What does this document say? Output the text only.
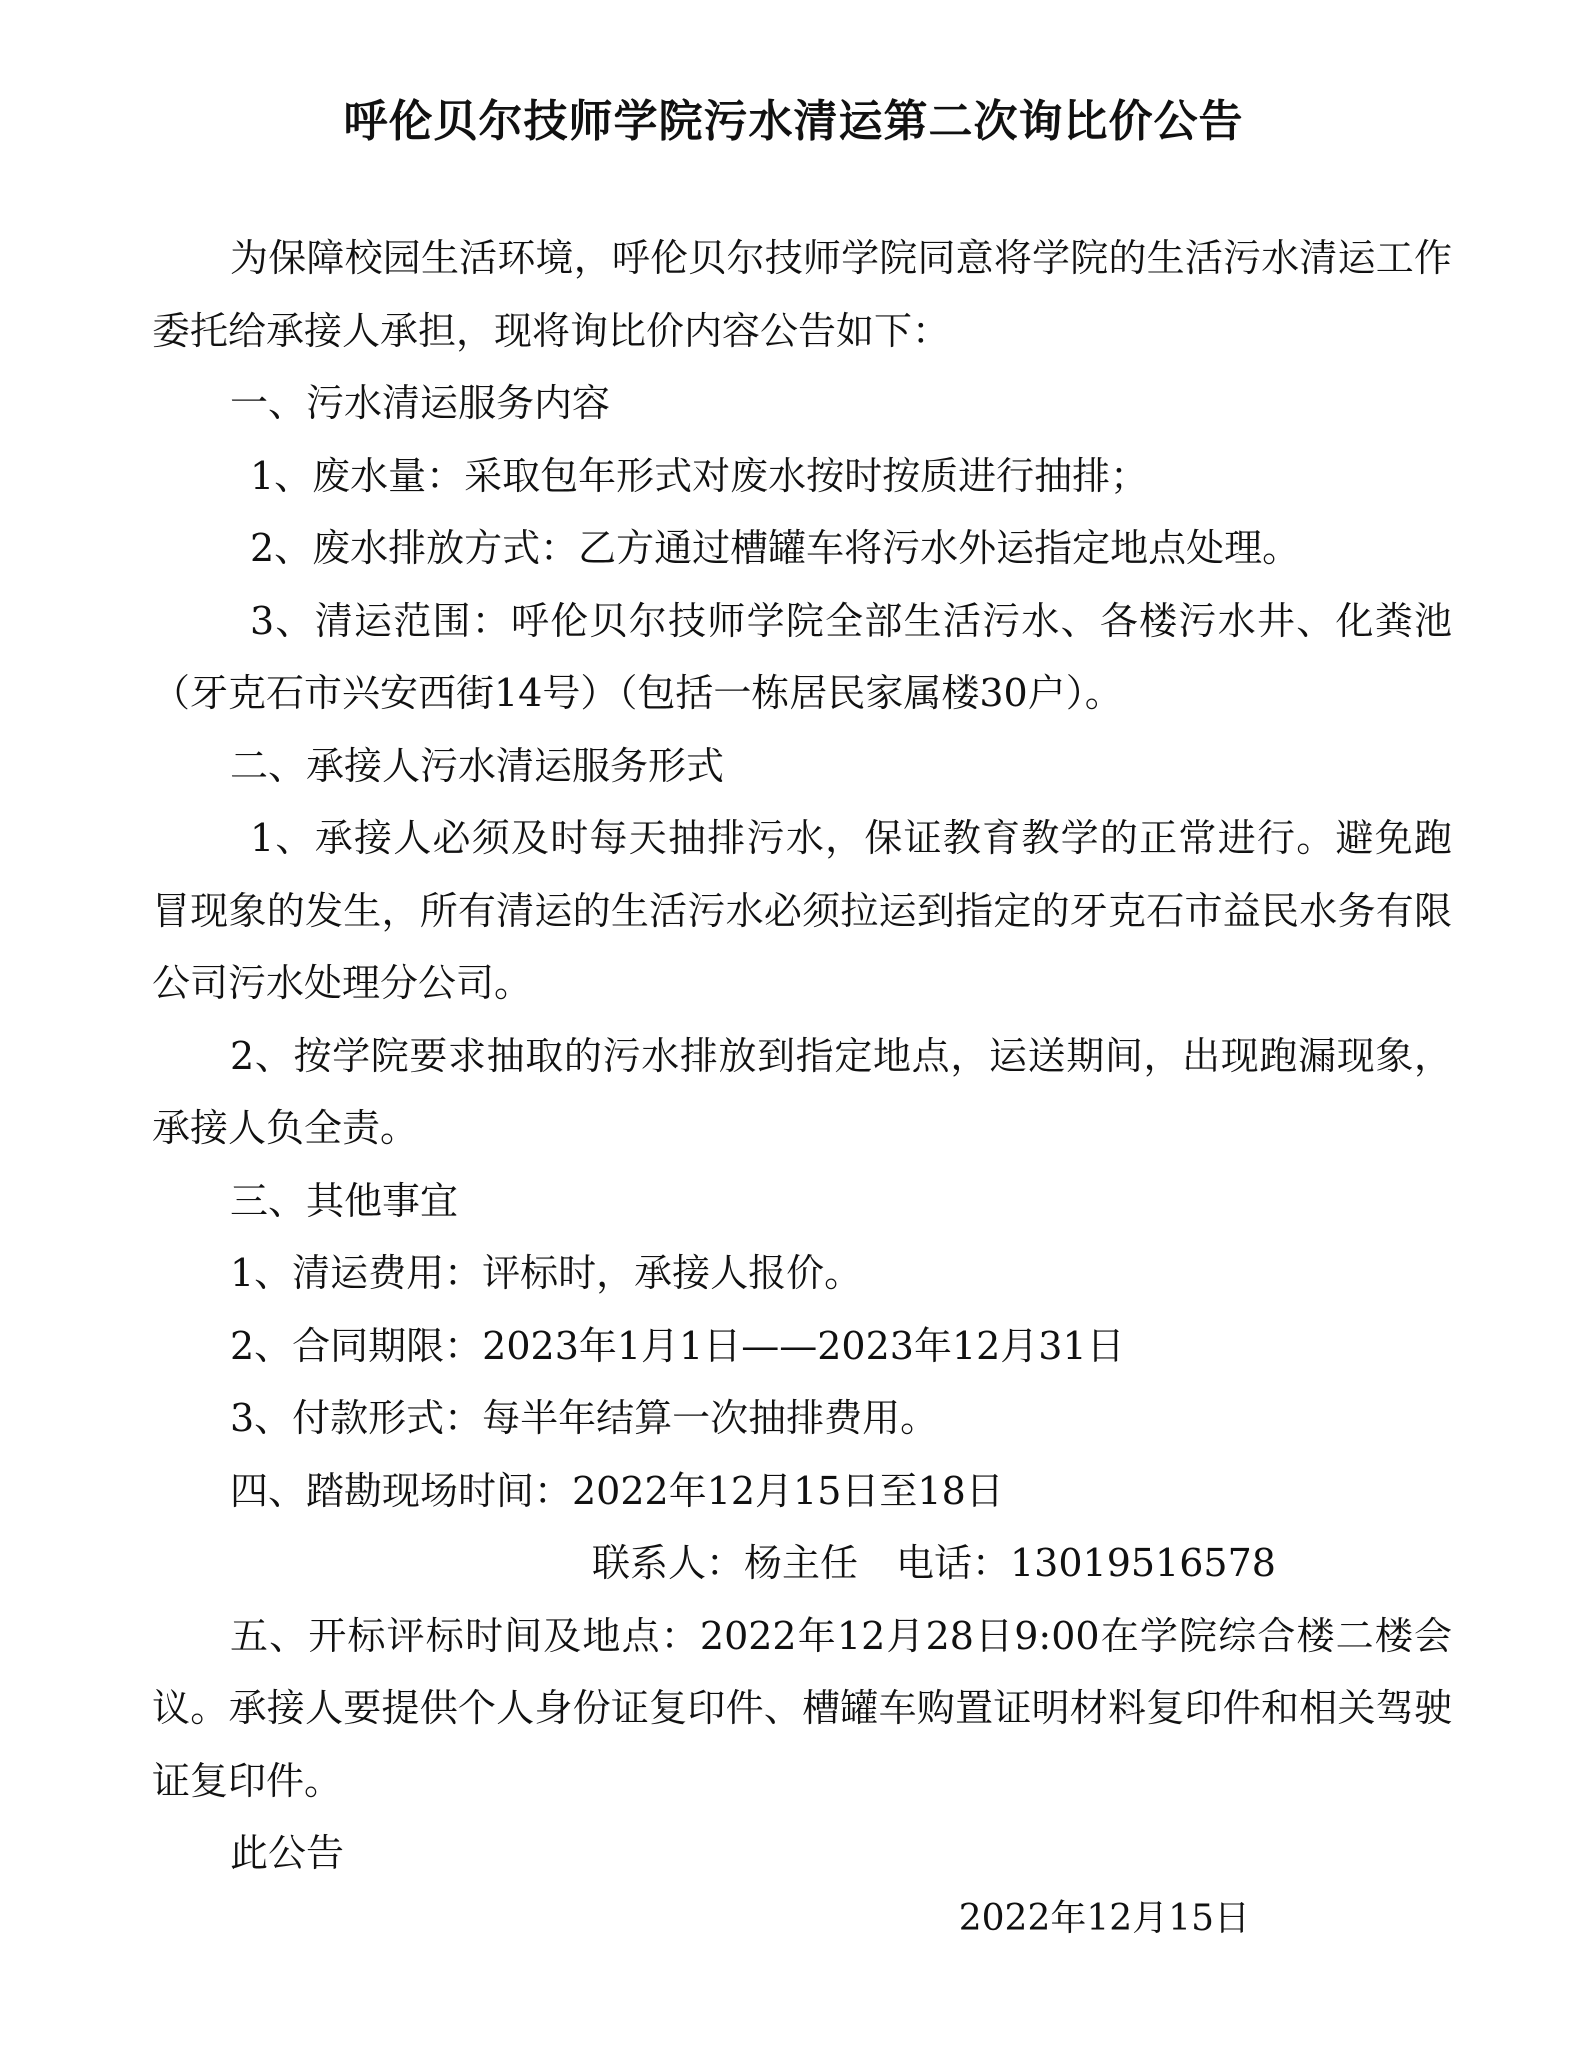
呼伦贝尔技师学院污水清运第二次询比价公告

为保障校园生活环境，呼伦贝尔技师学院同意将学院的生活污水清运工作委托给承接人承担，现将询比价内容公告如下：

一、污水清运服务内容

1、废水量：采取包年形式对废水按时按质进行抽排；

2、废水排放方式：乙方通过槽罐车将污水外运指定地点处理。

3、清运范围：呼伦贝尔技师学院全部生活污水、各楼污水井、化粪池（牙克石市兴安西街14号）（包括一栋居民家属楼30户）。

二、承接人污水清运服务形式

1、承接人必须及时每天抽排污水，保证教育教学的正常进行。避免跑冒现象的发生，所有清运的生活污水必须拉运到指定的牙克石市益民水务有限公司污水处理分公司。

2、按学院要求抽取的污水排放到指定地点，运送期间，出现跑漏现象，承接人负全责。

三、其他事宜

1、清运费用：评标时，承接人报价。

2、合同期限：2023年1月1日——2023年12月31日

3、付款形式：每半年结算一次抽排费用。

四、踏勘现场时间：2022年12月15日至18日

联系人：杨主任　电话：13019516578

五、开标评标时间及地点：2022年12月28日9:00在学院综合楼二楼会议。承接人要提供个人身份证复印件、槽罐车购置证明材料复印件和相关驾驶证复印件。

此公告

2022年12月15日
